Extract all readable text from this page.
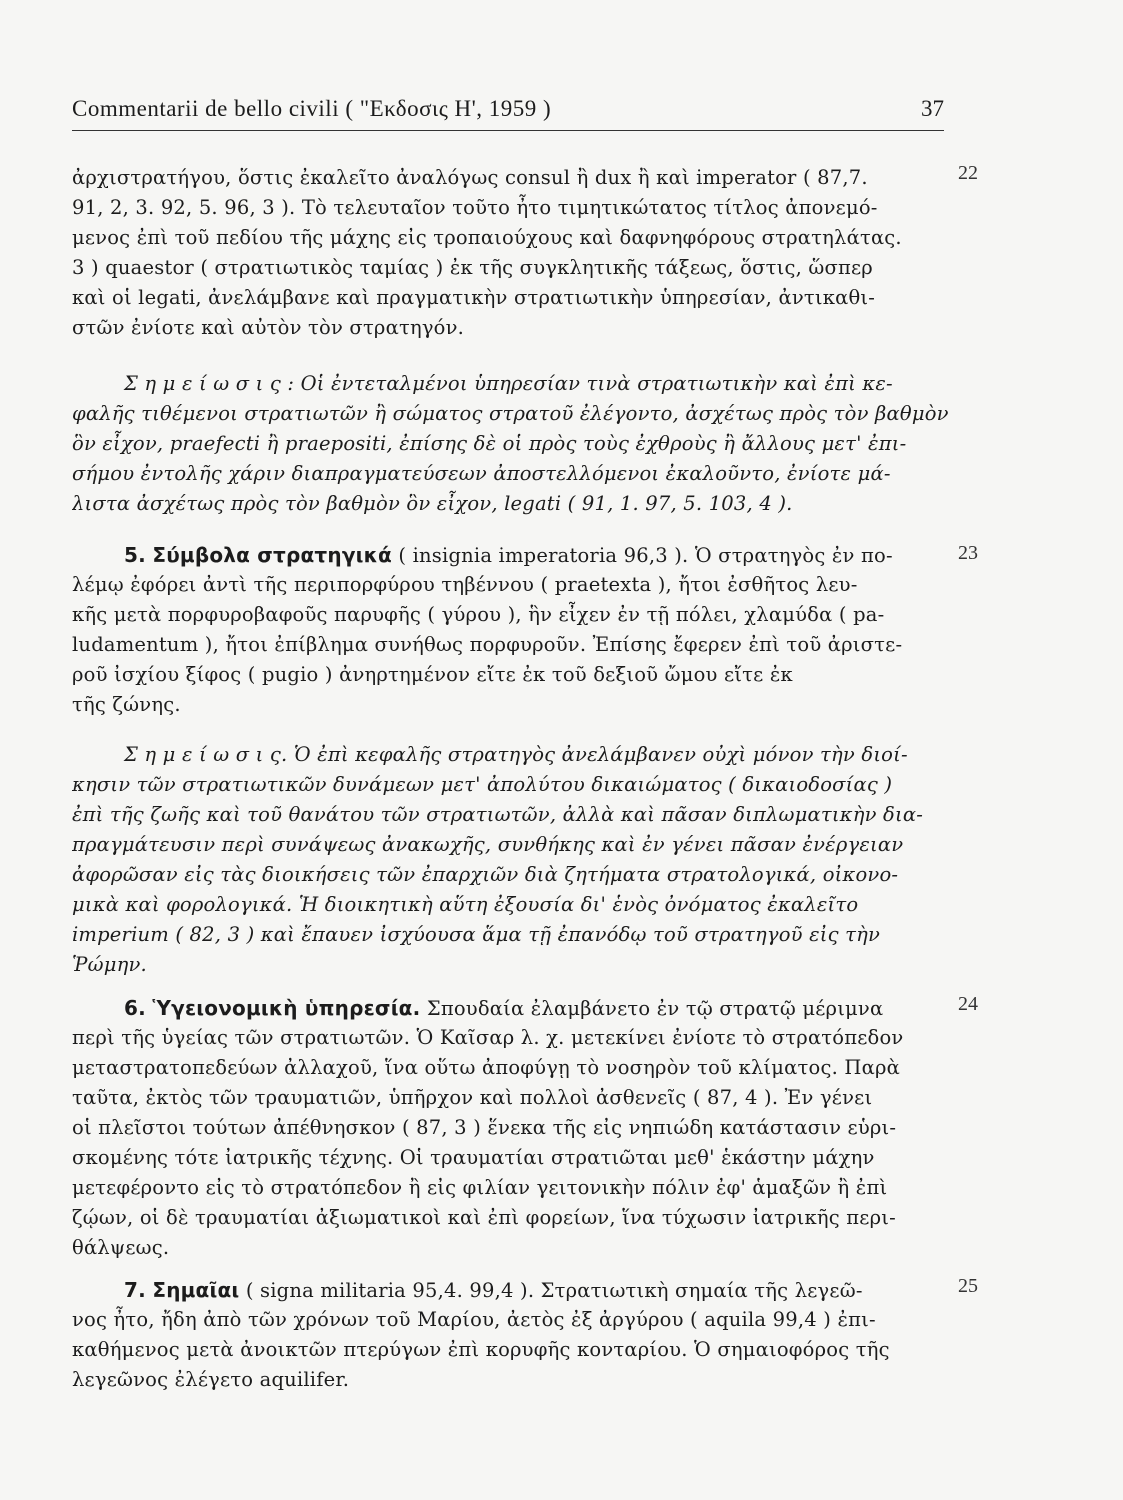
Commentarii de bello civili ( "Εκδοσις Η', 1959 )	37
22
23
24
25
ἀρχιστρατήγου, ὅστις ἐκαλεῖτο ἀναλόγως consul ἢ dux ἢ καὶ imperator ( 87,7.
91, 2, 3. 92, 5. 96, 3 ). Τὸ τελευταῖον τοῦτο ἦτο τιμητικώτατος τίτλος ἀπονεμό-
μενος ἐπὶ τοῦ πεδίου τῆς μάχης εἰς τροπαιούχους καὶ δαφνηφόρους στρατηλάτας.
3 ) quaestor ( στρατιωτικὸς ταμίας ) ἐκ τῆς συγκλητικῆς τάξεως, ὅστις, ὥσπερ
καὶ οἱ legati, ἀνελάμβανε καὶ πραγματικὴν στρατιωτικὴν ὑπηρεσίαν, ἀντικαθι-
στῶν ἐνίοτε καὶ αὐτὸν τὸν στρατηγόν.
Σ η μ ε ί ω σ ι ς : Οἱ ἐντεταλμένοι ὑπηρεσίαν τινὰ στρατιωτικὴν καὶ ἐπὶ κε-
φαλῆς τιθέμενοι στρατιωτῶν ἢ σώματος στρατοῦ ἐλέγοντο, ἀσχέτως πρὸς τὸν βαθμὸν
ὃν εἶχον, praefecti ἢ praepositi, ἐπίσης δὲ οἱ πρὸς τοὺς ἐχθροὺς ἢ ἄλλους μετ' ἐπι-
σήμου ἐντολῆς χάριν διαπραγματεύσεων ἀποστελλόμενοι ἐκαλοῦντο, ἐνίοτε μά-
λιστα ἀσχέτως πρὸς τὸν βαθμὸν ὃν εἶχον, legati ( 91, 1. 97, 5. 103, 4 ).
5. Σύμβολα στρατηγικά ( insignia imperatoria 96,3 ). Ὁ στρατηγὸς ἐν πο-
λέμῳ ἐφόρει ἀντὶ τῆς περιπορφύρου τηβέννου ( praetexta ), ἤτοι ἐσθῆτος λευ-
κῆς μετὰ πορφυροβαφοῦς παρυφῆς ( γύρου ), ἣν εἶχεν ἐν τῇ πόλει, χλαμύδα ( pa-
ludamentum ), ἤτοι ἐπίβλημα συνήθως πορφυροῦν. Ἐπίσης ἔφερεν ἐπὶ τοῦ ἀριστε-
ροῦ ἰσχίου ξίφος ( pugio ) ἀνηρτημένον εἴτε ἐκ τοῦ δεξιοῦ ὤμου εἴτε ἐκ
τῆς ζώνης.
Σ η μ ε ί ω σ ι ς. Ὁ ἐπὶ κεφαλῆς στρατηγὸς ἀνελάμβανεν οὐχὶ μόνον τὴν διοί-
κησιν τῶν στρατιωτικῶν δυνάμεων μετ' ἀπολύτου δικαιώματος ( δικαιοδοσίας )
ἐπὶ τῆς ζωῆς καὶ τοῦ θανάτου τῶν στρατιωτῶν, ἀλλὰ καὶ πᾶσαν διπλωματικὴν δια-
πραγμάτευσιν περὶ συνάψεως ἀνακωχῆς, συνθήκης καὶ ἐν γένει πᾶσαν ἐνέργειαν
ἀφορῶσαν εἰς τὰς διοικήσεις τῶν ἐπαρχιῶν διὰ ζητήματα στρατολογικά, οἰκονο-
μικὰ καὶ φορολογικά. Ἡ διοικητικὴ αὕτη ἐξουσία δι' ἑνὸς ὀνόματος ἐκαλεῖτο
imperium ( 82, 3 ) καὶ ἔπαυεν ἰσχύουσα ἅμα τῇ ἐπανόδῳ τοῦ στρατηγοῦ εἰς τὴν
Ῥώμην.
6. Ὑγειονομικὴ ὑπηρεσία. Σπουδαία ἐλαμβάνετο ἐν τῷ στρατῷ μέριμνα
περὶ τῆς ὑγείας τῶν στρατιωτῶν. Ὁ Καῖσαρ λ. χ. μετεκίνει ἐνίοτε τὸ στρατόπεδον
μεταστρατοπεδεύων ἀλλαχοῦ, ἵνα οὕτω ἀποφύγῃ τὸ νοσηρὸν τοῦ κλίματος. Παρὰ
ταῦτα, ἐκτὸς τῶν τραυματιῶν, ὑπῆρχον καὶ πολλοὶ ἀσθενεῖς ( 87, 4 ). Ἐν γένει
οἱ πλεῖστοι τούτων ἀπέθνησκον ( 87, 3 ) ἕνεκα τῆς εἰς νηπιώδη κατάστασιν εὑρι-
σκομένης τότε ἰατρικῆς τέχνης. Οἱ τραυματίαι στρατιῶται μεθ' ἑκάστην μάχην
μετεφέροντο εἰς τὸ στρατόπεδον ἢ εἰς φιλίαν γειτονικὴν πόλιν ἐφ' ἁμαξῶν ἢ ἐπὶ
ζῴων, οἱ δὲ τραυματίαι ἀξιωματικοὶ καὶ ἐπὶ φορείων, ἵνα τύχωσιν ἰατρικῆς περι-
θάλψεως.
7. Σημαῖαι ( signa militaria 95,4. 99,4 ). Στρατιωτικὴ σημαία τῆς λεγεῶ-
νος ἦτο, ἤδη ἀπὸ τῶν χρόνων τοῦ Μαρίου, ἀετὸς ἐξ ἀργύρου ( aquila 99,4 ) ἐπι-
καθήμενος μετὰ ἀνοικτῶν πτερύγων ἐπὶ κορυφῆς κονταρίου. Ὁ σημαιοφόρος τῆς
λεγεῶνος ἐλέγετο aquilifer.
